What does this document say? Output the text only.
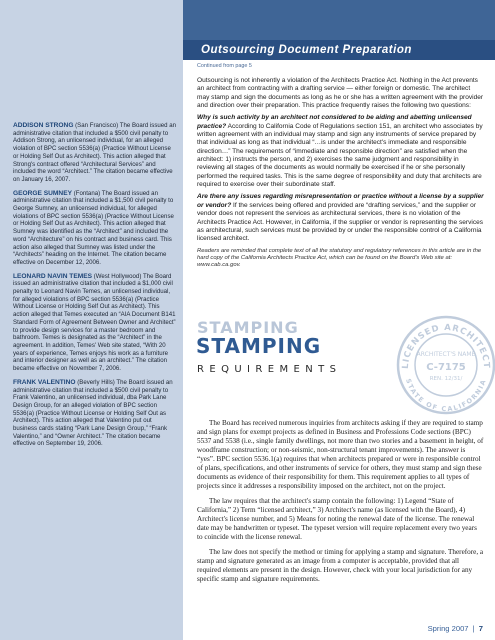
Outsourcing Document Preparation
ADDISON STRONG (San Francisco) The Board issued an administrative citation that included a $500 civil penalty to Addison Strong, an unlicensed individual, for an alleged violation of BPC section 5536(a) (Practice Without License or Holding Self Out as Architect). This action alleged that Strong's contract offered “Architectural Services” and included the word “Architect.” The citation became effective on January 16, 2007.
GEORGE SUMNEY (Fontana) The Board issued an administrative citation that included a $1,500 civil penalty to George Sumney, an unlicensed individual, for alleged violations of BPC section 5536(a) (Practice Without License or Holding Self Out as Architect). This action alleged that Sumney was identified as the “Architect” and included the word “Architecture” on his contract and business card. This action also alleged that Sumney was listed under the “Architects” heading on the Internet. The citation became effective on December 12, 2006.
LEONARD NAVIN TEMES (West Hollywood) The Board issued an administrative citation that included a $1,000 civil penalty to Leonard Navin Temes, an unlicensed individual, for alleged violations of BPC section 5536(a) (Practice Without License or Holding Self Out as Architect). This action alleged that Temes executed an “AIA Document B141 Standard Form of Agreement Between Owner and Architect” to provide design services for a master bedroom and bathroom. Temes is designated as the “Architect” in the agreement. In addition, Temes' Web site stated, “With 20 years of experience, Temes enjoys his work as a furniture and interior designer as well as an architect.” The citation became effective on November 7, 2006.
FRANK VALENTINO (Beverly Hills) The Board issued an administrative citation that included a $500 civil penalty to Frank Valentino, an unlicensed individual, dba Park Lane Design Group, for an alleged violation of BPC section 5536(a) (Practice Without License or Holding Self Out as Architect). This action alleged that Valentino put out business cards stating “Park Lane Design Group,” “Frank Valentino,” and “Owner Architect.” The citation became effective on September 19, 2006.
Continued from page 5

Outsourcing is not inherently a violation of the Architects Practice Act. Nothing in the Act prevents an architect from contracting with a drafting service — either foreign or domestic. The architect may stamp and sign the documents as long as he or she has a written agreement with the provider and direction over their preparation. This practice frequently raises the following two questions:

Why is such activity by an architect not considered to be aiding and abetting unlicensed practice? According to California Code of Regulations section 151, an architect who associates by written agreement with an individual may stamp and sign any instruments of service prepared by that individual as long as that individual “…is under the architect's immediate and responsible direction…” The requirements of “immediate and responsible direction” are satisfied when the architect: 1) instructs the person, and 2) exercises the same judgment and responsibility in reviewing all stages of the documents as would normally be exercised if he or she personally performed the required tasks. This is the same degree of responsibility and duty that architects are required to exercise over their subordinate staff.

Are there any issues regarding misrepresentation or practice without a license by a supplier or vendor? If the services being offered and provided are “drafting services,” and the supplier or vendor does not represent the services as architectural services, there is no violation of the Architects Practice Act. However, in California, if the supplier or vendor is representing the services as architectural, such services must be provided by or under the responsible control of a California licensed architect.

Readers are reminded that complete text of all the statutory and regulatory references in this article are in the hard copy of the California Architects Practice Act, which can be found on the Board's Web site at: www.cab.ca.gov.

STAMPING
STAMPING
REQUIREMENTS	LICENSED ARCHITECT
STATE OF CALIFORNIA
ARCHITECT'S NAME
C-7175
REN. 12/31/

The Board has received numerous inquiries from architects asking if they are required to stamp and sign plans for exempt projects as defined in Business and Professions Code sections (BPC) 5537 and 5538 (i.e., single family dwellings, not more than two stories and a basement in height, of woodframe construction; or non-seismic, non-structural tenant improvements). The answer is “yes”. BPC section 5536.1(a) requires that when architects prepared or were in responsible control of plans, specifications, and other instruments of service for others, they must stamp and sign these documents as evidence of their responsibility for them. This requirement applies to all types of projects since it addresses a responsibility imposed on the architect, not on the project.

The law requires that the architect's stamp contain the following: 1) Legend “State of California,” 2) Term “licensed architect,” 3) Architect's name (as licensed with the Board), 4) Architect's license number, and 5) Means for noting the renewal date of the license. The renewal date may be handwritten or typeset. The typeset version will require replacement every two years to coincide with the license renewal.

The law does not specify the method or timing for applying a stamp and signature. Therefore, a stamp and signature generated as an image from a computer is acceptable, provided that all required elements are present in the design. However, check with your local jurisdiction for any specific stamp and signature requirements.

Spring 2007 | 7
